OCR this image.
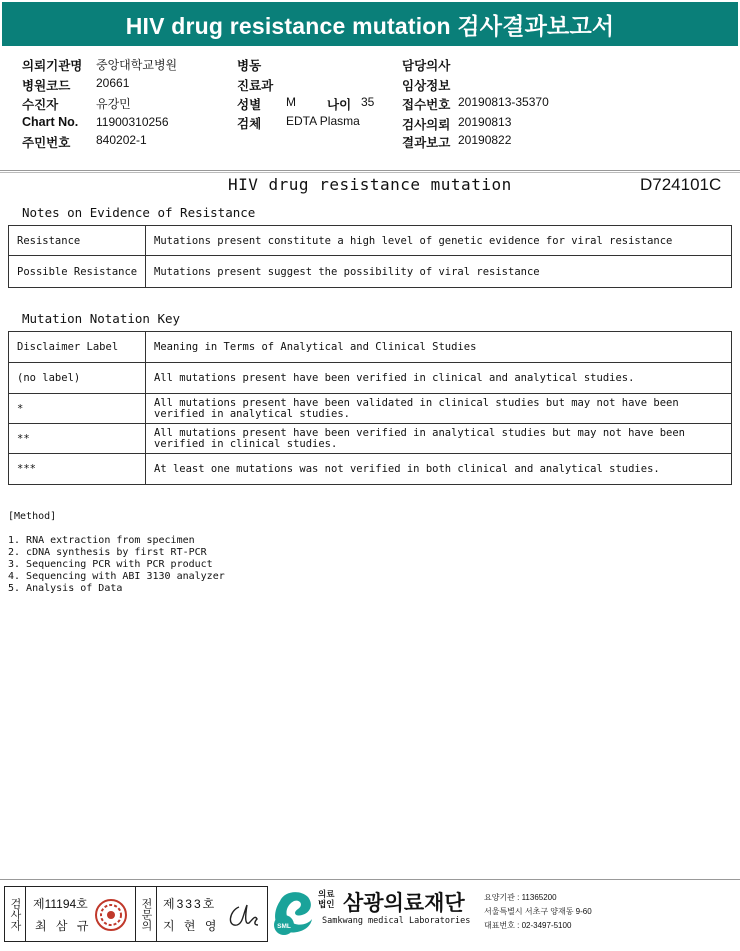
HIV drug resistance mutation 검사결과보고서
의뢰기관명 중앙대학교병원
병원코드 20661
수진자	유강민
Chart No. 11900310256
주민번호 840202-1
병동
진료과
성별 M 나이 35
검체 EDTA Plasma
담당의사
임상정보
접수번호 20190813-35370
검사의뢰 20190813
결과보고 20190822
HIV drug resistance mutation	D724101C
Notes on Evidence of Resistance
Resistance	Mutations present constitute a high level of genetic evidence for viral resistance
Possible Resistance	Mutations present suggest the possibility of viral resistance
Mutation Notation Key
Disclaimer Label	Meaning in Terms of Analytical and Clinical Studies
(no label)	All mutations present have been verified in clinical and analytical studies.
*	All mutations present have been validated in clinical studies but may not have been verified in analytical studies.
**	All mutations present have been verified in analytical studies but may not have been verified in clinical studies.
***	At least one mutations was not verified in both clinical and analytical studies.
[Method]
1. RNA extraction from specimen
2. cDNA synthesis by first RT-PCR
3. Sequencing PCR with PCR product
4. Sequencing with ABI 3130 analyzer
5. Analysis of Data
검사자 제11194호
최 삼 규	전문의 제333호
지 현 영	SML
의료
법인 삼광의료재단
Samkwang medical Laboratories
요양기관 : 11365200
서울특별시 서초구 양재동 9-60
대표번호 : 02-3497-5100
